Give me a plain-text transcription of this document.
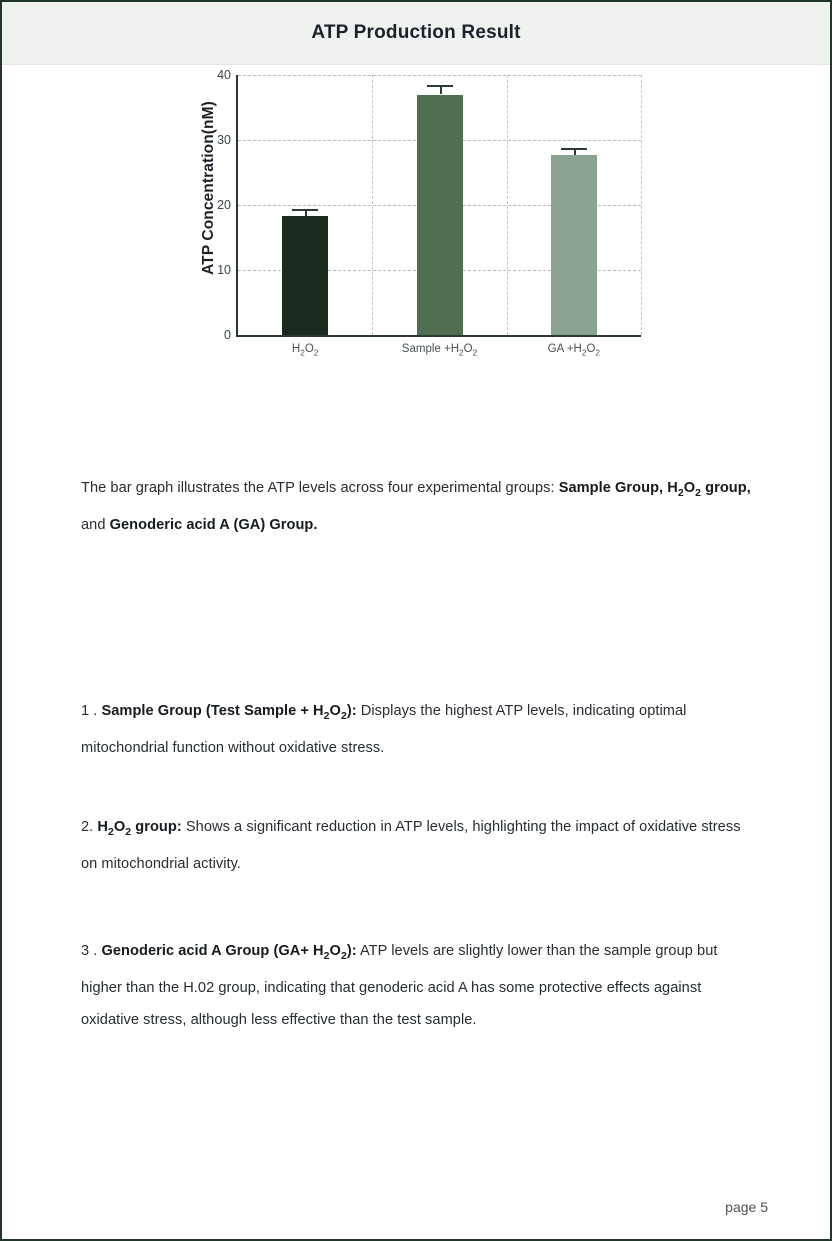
ATP Production Result
ATP Concentration(nM)
0
10
20
30
40
$H_2O_2$	Sample $+H_2O_2$	GA $+H_2O_2$

The bar graph illustrates the ATP levels across four experimental groups: Sample Group, $H_2O_2$ group, and Genoderic acid A (GA) Group.

1 . Sample Group (Test Sample + $H_2O_2$): Displays the highest ATP levels, indicating optimal mitochondrial function without oxidative stress.

2. $H_2O_2$ group: Shows a significant reduction in ATP levels, highlighting the impact of oxidative stress on mitochondrial activity.

3 . Genoderic acid A Group $(GA+ H_2O_2)$: ATP levels are slightly lower than the sample group but higher than the H.02 group, indicating that genoderic acid A has some protective effects against oxidative stress, although less effective than the test sample.

page 5
